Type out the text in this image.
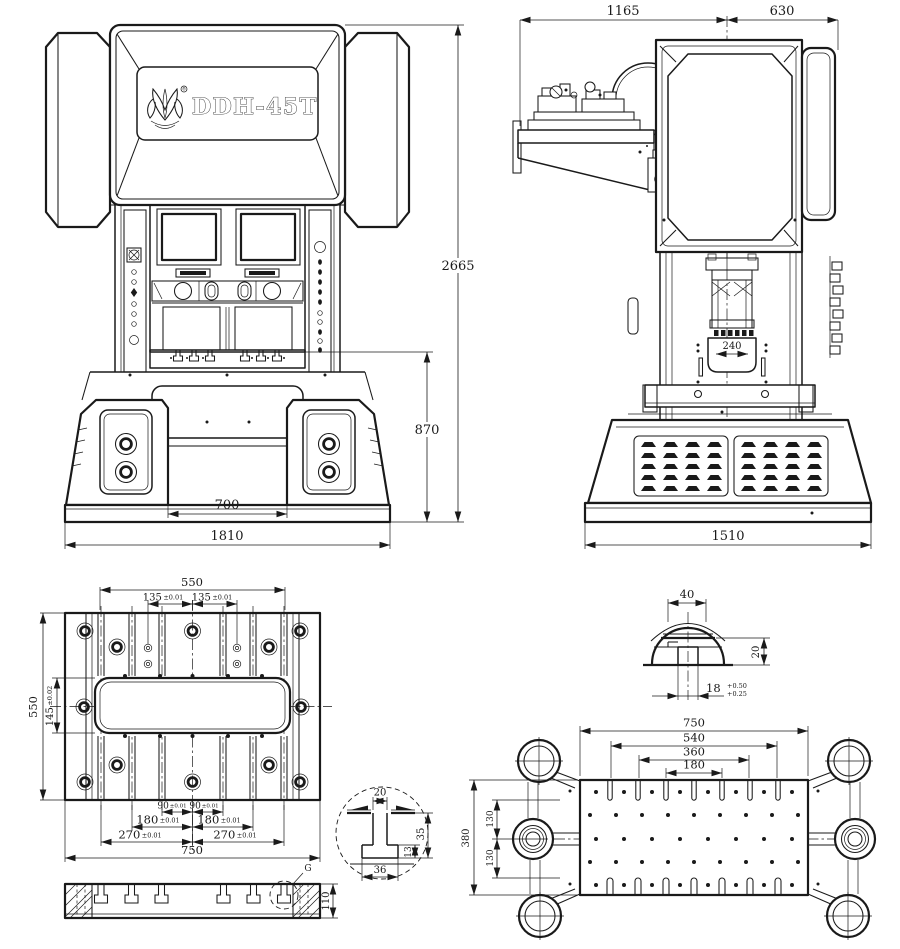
®
DDH-45T
700
1810
870
2665
240
1165	630
1510
550
135 ±0.01 135 ±0.01
550 145±0.02
90±0.01 90±0.01
180 ±0.01 180 ±0.01
270 ±0.01	270 ±0.01
750
20
35
13
36
G
110
40
20
18 +0.50
+0.25
750
540
360
180
380
130
130
